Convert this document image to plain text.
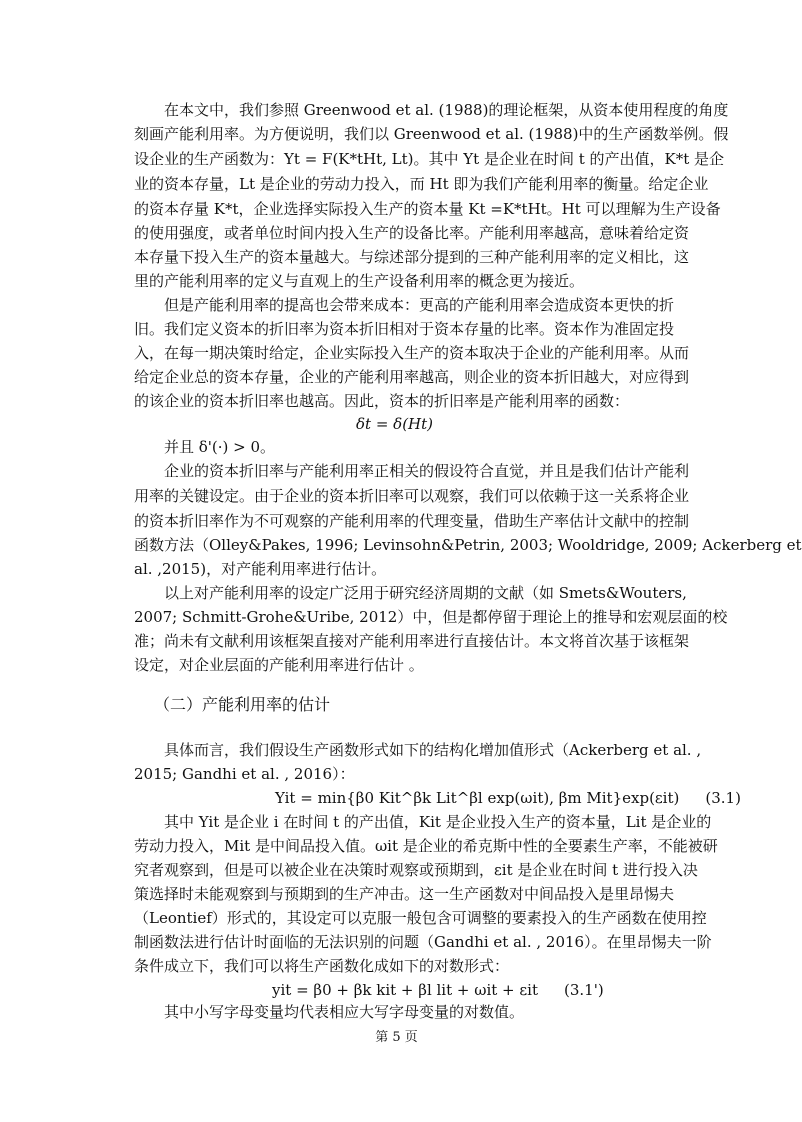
在本文中，我们参照 Greenwood et al. (1988)的理论框架，从资本使用程度的角度
刻画产能利用率。为方便说明，我们以 Greenwood et al. (1988)中的生产函数举例。假
设企业的生产函数为：Yt = F(K*tHt, Lt)。其中 Yt 是企业在时间 t 的产出值，K*t 是企
业的资本存量，Lt 是企业的劳动力投入，而 Ht 即为我们产能利用率的衡量。给定企业
的资本存量 K*t，企业选择实际投入生产的资本量 Kt =K*tHt。Ht 可以理解为生产设备
的使用强度，或者单位时间内投入生产的设备比率。产能利用率越高，意味着给定资
本存量下投入生产的资本量越大。与综述部分提到的三种产能利用率的定义相比，这
里的产能利用率的定义与直观上的生产设备利用率的概念更为接近。
但是产能利用率的提高也会带来成本：更高的产能利用率会造成资本更快的折
旧。我们定义资本的折旧率为资本折旧相对于资本存量的比率。资本作为准固定投
入，在每一期决策时给定，企业实际投入生产的资本取决于企业的产能利用率。从而
给定企业总的资本存量，企业的产能利用率越高，则企业的资本折旧越大，对应得到
的该企业的资本折旧率也越高。因此，资本的折旧率是产能利用率的函数：
δt = δ(Ht)
并且 δ'(·) > 0。
企业的资本折旧率与产能利用率正相关的假设符合直觉，并且是我们估计产能利
用率的关键设定。由于企业的资本折旧率可以观察，我们可以依赖于这一关系将企业
的资本折旧率作为不可观察的产能利用率的代理变量，借助生产率估计文献中的控制
函数方法（Olley&Pakes, 1996; Levinsohn&Petrin, 2003; Wooldridge, 2009; Ackerberg et
al. ,2015)，对产能利用率进行估计。
以上对产能利用率的设定广泛用于研究经济周期的文献（如 Smets&Wouters,
2007; Schmitt-Grohe&Uribe, 2012）中，但是都停留于理论上的推导和宏观层面的校
准；尚未有文献利用该框架直接对产能利用率进行直接估计。本文将首次基于该框架
设定，对企业层面的产能利用率进行估计 。
（二）产能利用率的估计
具体而言，我们假设生产函数形式如下的结构化增加值形式（Ackerberg et al. ,
2015; Gandhi et al. , 2016）：
Yit = min{β0 Kit^βk Lit^βl exp(ωit), βm Mit}exp(εit) (3.1)
其中 Yit 是企业 i 在时间 t 的产出值，Kit 是企业投入生产的资本量，Lit 是企业的
劳动力投入，Mit 是中间品投入值。ωit 是企业的希克斯中性的全要素生产率，不能被研
究者观察到，但是可以被企业在决策时观察或预期到，εit 是企业在时间 t 进行投入决
策选择时未能观察到与预期到的生产冲击。这一生产函数对中间品投入是里昂惕夫
（Leontief）形式的，其设定可以克服一般包含可调整的要素投入的生产函数在使用控
制函数法进行估计时面临的无法识别的问题（Gandhi et al. , 2016）。在里昂惕夫一阶
条件成立下，我们可以将生产函数化成如下的对数形式：
yit = β0 + βk kit + βl lit + ωit + εit (3.1')
其中小写字母变量均代表相应大写字母变量的对数值。
第 5 页
